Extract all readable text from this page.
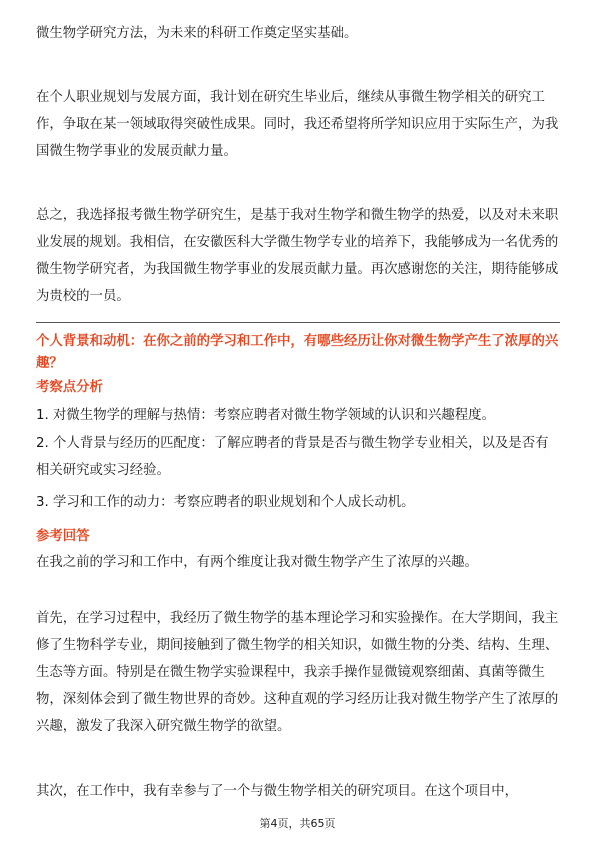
微生物学研究方法，为未来的科研工作奠定坚实基础。

在个人职业规划与发展方面，我计划在研究生毕业后，继续从事微生物学相关的研究工作，争取在某一领域取得突破性成果。同时，我还希望将所学知识应用于实际生产，为我国微生物学事业的发展贡献力量。

总之，我选择报考微生物学研究生，是基于我对生物学和微生物学的热爱，以及对未来职业发展的规划。我相信，在安徽医科大学微生物学专业的培养下，我能够成为一名优秀的微生物学研究者，为我国微生物学事业的发展贡献力量。再次感谢您的关注，期待能够成为贵校的一员。

个人背景和动机：在你之前的学习和工作中，有哪些经历让你对微生物学产生了浓厚的兴趣？

考察点分析

1. 对微生物学的理解与热情：考察应聘者对微生物学领域的认识和兴趣程度。

2. 个人背景与经历的匹配度：了解应聘者的背景是否与微生物学专业相关，以及是否有相关研究或实习经验。

3. 学习和工作的动力：考察应聘者的职业规划和个人成长动机。

参考回答

在我之前的学习和工作中，有两个维度让我对微生物学产生了浓厚的兴趣。

首先，在学习过程中，我经历了微生物学的基本理论学习和实验操作。在大学期间，我主修了生物科学专业，期间接触到了微生物学的相关知识，如微生物的分类、结构、生理、生态等方面。特别是在微生物学实验课程中，我亲手操作显微镜观察细菌、真菌等微生物，深刻体会到了微生物世界的奇妙。这种直观的学习经历让我对微生物学产生了浓厚的兴趣，激发了我深入研究微生物学的欲望。

其次，在工作中，我有幸参与了一个与微生物学相关的研究项目。在这个项目中，

第4页，共65页
